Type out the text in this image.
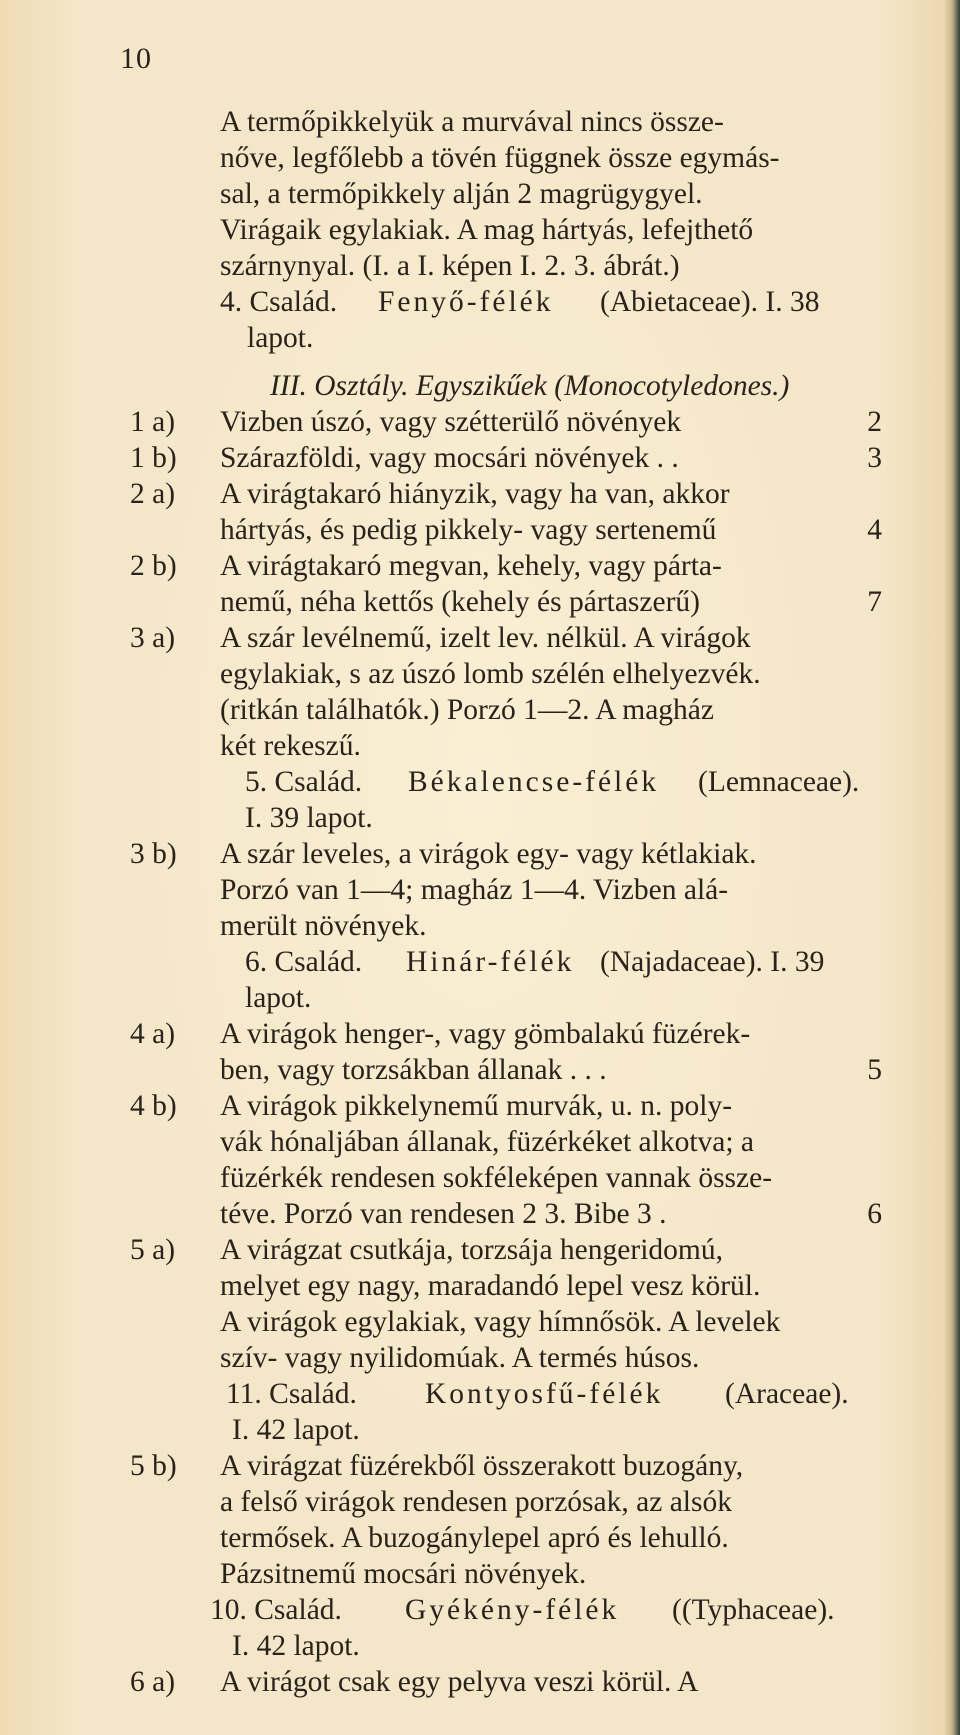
10
A termőpikkelyük a murvával nincs össze-
nőve, legfőlebb a tövén függnek össze egymás-
sal, a termőpikkely alján 2 magrügygyel.
Virágaik egylakiak. A mag hártyás, lefejthető
szárnynyal. (I. a I. képen I. 2. 3. ábrát.)
4. Család. Fenyő-félék (Abietaceae). I. 38
lapot.
III. Osztály. Egyszikűek (Monocotyledones.)
1 a) Vizben úszó, vagy szétterülő növények	2
1 b) Szárazföldi, vagy mocsári növények . .	3
2 a) A virágtakaró hiányzik, vagy ha van, akkor
hártyás, és pedig pikkely- vagy sertenemű	4
2 b) A virágtakaró megvan, kehely, vagy párta-
nemű, néha kettős (kehely és pártaszerű)	7
3 a) A szár levélnemű, izelt lev. nélkül. A virágok
egylakiak, s az úszó lomb szélén elhelyezvék.
(ritkán találhatók.) Porzó 1—2. A magház
két rekeszű.
5. Család. Békalencse-félék (Lemnaceae).
I. 39 lapot.
3 b) A szár leveles, a virágok egy- vagy kétlakiak.
Porzó van 1—4; magház 1—4. Vizben alá-
merült növények.
6. Család. Hinár-félék (Najadaceae). I. 39
lapot.
4 a) A virágok henger-, vagy gömbalakú füzérek-
ben, vagy torzsákban állanak . . .	5
4 b) A virágok pikkelynemű murvák, u. n. poly-
vák hónaljában állanak, füzérkéket alkotva; a
füzérkék rendesen sokféleképen vannak össze-
téve. Porzó van rendesen 2 3. Bibe 3 .	6
5 a) A virágzat csutkája, torzsája hengeridomú,
melyet egy nagy, maradandó lepel vesz körül.
A virágok egylakiak, vagy hímnősök. A levelek
szív- vagy nyilidomúak. A termés húsos.
11. Család. Kontyosfű-félék (Araceae).
I. 42 lapot.
5 b) A virágzat füzérekből összerakott buzogány,
a felső virágok rendesen porzósak, az alsók
termősek. A buzogánylepel apró és lehulló.
Pázsitnemű mocsári növények.
10. Család. Gyékény-félék ((Typhaceae).
I. 42 lapot.
6 a) A virágot csak egy pelyva veszi körül. A
